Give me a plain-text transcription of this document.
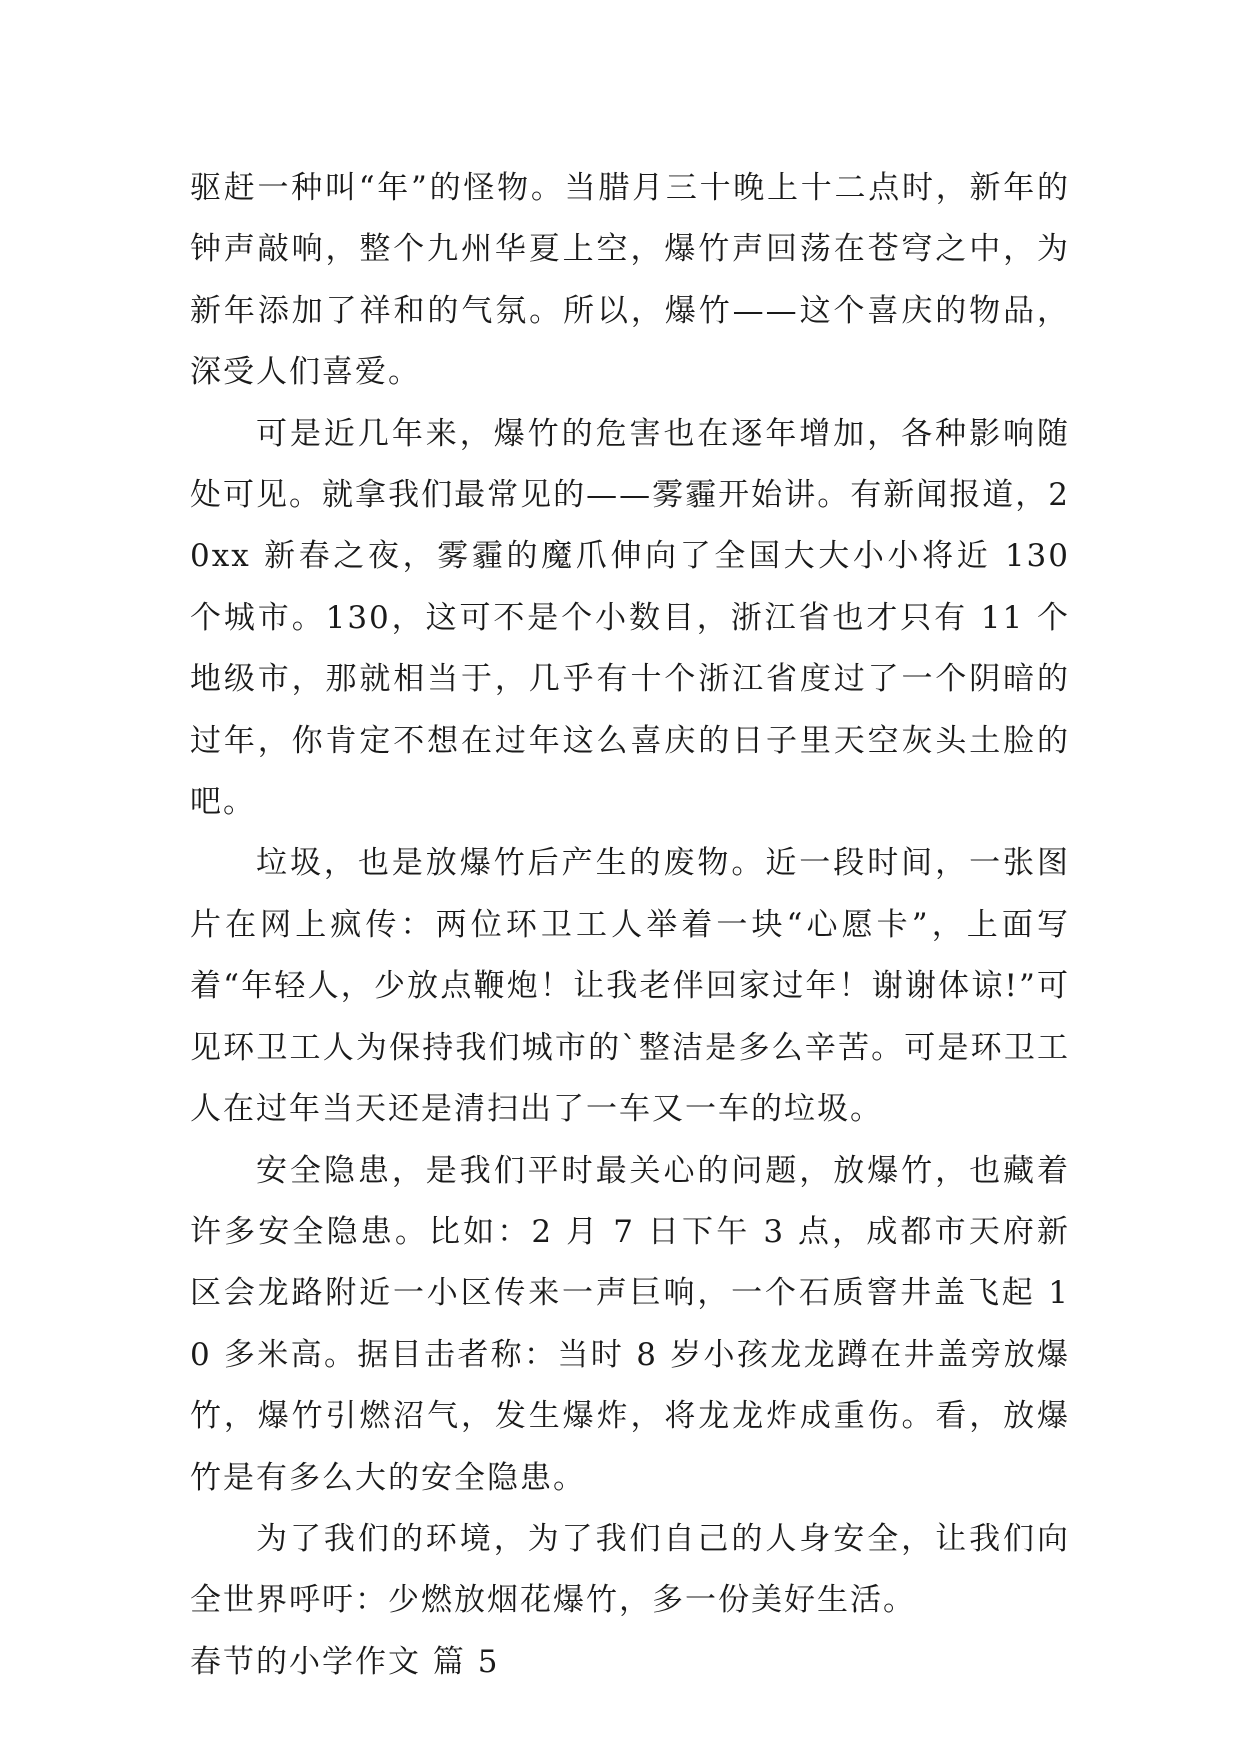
驱赶一种叫“年”的怪物。当腊月三十晚上十二点时，新年的钟声敲响，整个九州华夏上空，爆竹声回荡在苍穹之中，为新年添加了祥和的气氛。所以，爆竹——这个喜庆的物品，深受人们喜爱。

可是近几年来，爆竹的危害也在逐年增加，各种影响随处可见。就拿我们最常见的——雾霾开始讲。有新闻报道，20xx 新春之夜，雾霾的魔爪伸向了全国大大小小将近 130 个城市。130，这可不是个小数目，浙江省也才只有 11 个地级市，那就相当于，几乎有十个浙江省度过了一个阴暗的过年，你肯定不想在过年这么喜庆的日子里天空灰头土脸的吧。

垃圾，也是放爆竹后产生的废物。近一段时间，一张图片在网上疯传：两位环卫工人举着一块“心愿卡”，上面写着“年轻人，少放点鞭炮！让我老伴回家过年！谢谢体谅!”可见环卫工人为保持我们城市的`整洁是多么辛苦。可是环卫工人在过年当天还是清扫出了一车又一车的垃圾。

安全隐患，是我们平时最关心的问题，放爆竹，也藏着许多安全隐患。比如：2 月 7 日下午 3 点，成都市天府新区会龙路附近一小区传来一声巨响，一个石质窨井盖飞起 10 多米高。据目击者称：当时 8 岁小孩龙龙蹲在井盖旁放爆竹，爆竹引燃沼气，发生爆炸，将龙龙炸成重伤。看，放爆竹是有多么大的安全隐患。

为了我们的环境，为了我们自己的人身安全，让我们向全世界呼吁：少燃放烟花爆竹，多一份美好生活。

春节的小学作文 篇 5
